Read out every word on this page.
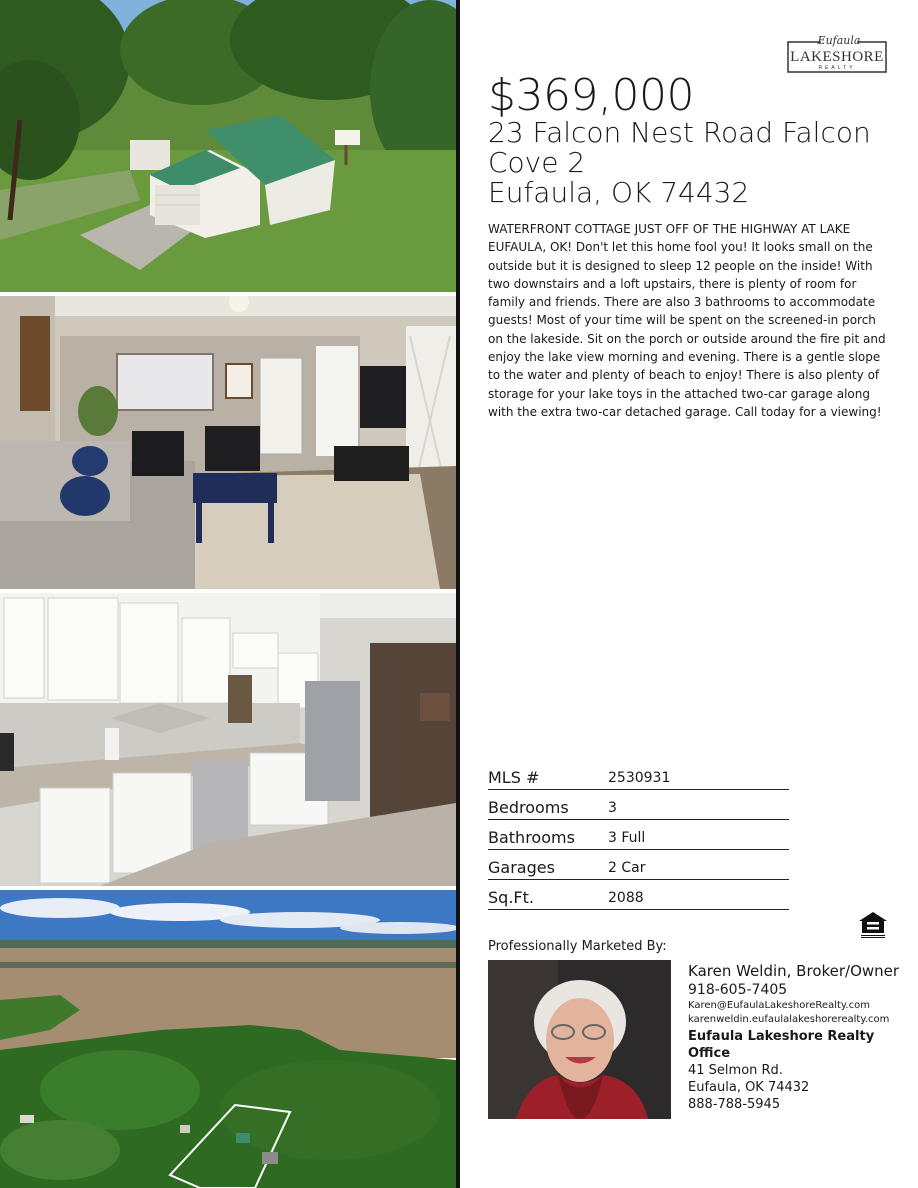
Eufaula
LAKESHORE
REALTY
$369,000
23 Falcon Nest Road Falcon
Cove 2
Eufaula, OK 74432
WATERFRONT COTTAGE JUST OFF OF THE HIGHWAY AT LAKE EUFAULA, OK! Don't let this home fool you! It looks small on the outside but it is designed to sleep 12 people on the inside! With two downstairs and a loft upstairs, there is plenty of room for family and friends. There are also 3 bathrooms to accommodate guests! Most of your time will be spent on the screened-in porch on the lakeside. Sit on the porch or outside around the fire pit and enjoy the lake view morning and evening. There is a gentle slope to the water and plenty of beach to enjoy! There is also plenty of storage for your lake toys in the attached two-car garage along with the extra two-car detached garage. Call today for a viewing!
MLS #	2530931
Bedrooms	3
Bathrooms 3 Full
Garages	2 Car
Sq.Ft.	2088
Professionally Marketed By:
Karen Weldin, Broker/Owner
918-605-7405
Karen@EufaulaLakeshoreRealty.com
karenweldin.eufaulalakeshorerealty.com
Eufaula Lakeshore Realty Office
41 Selmon Rd.
Eufaula, OK 74432
888-788-5945
